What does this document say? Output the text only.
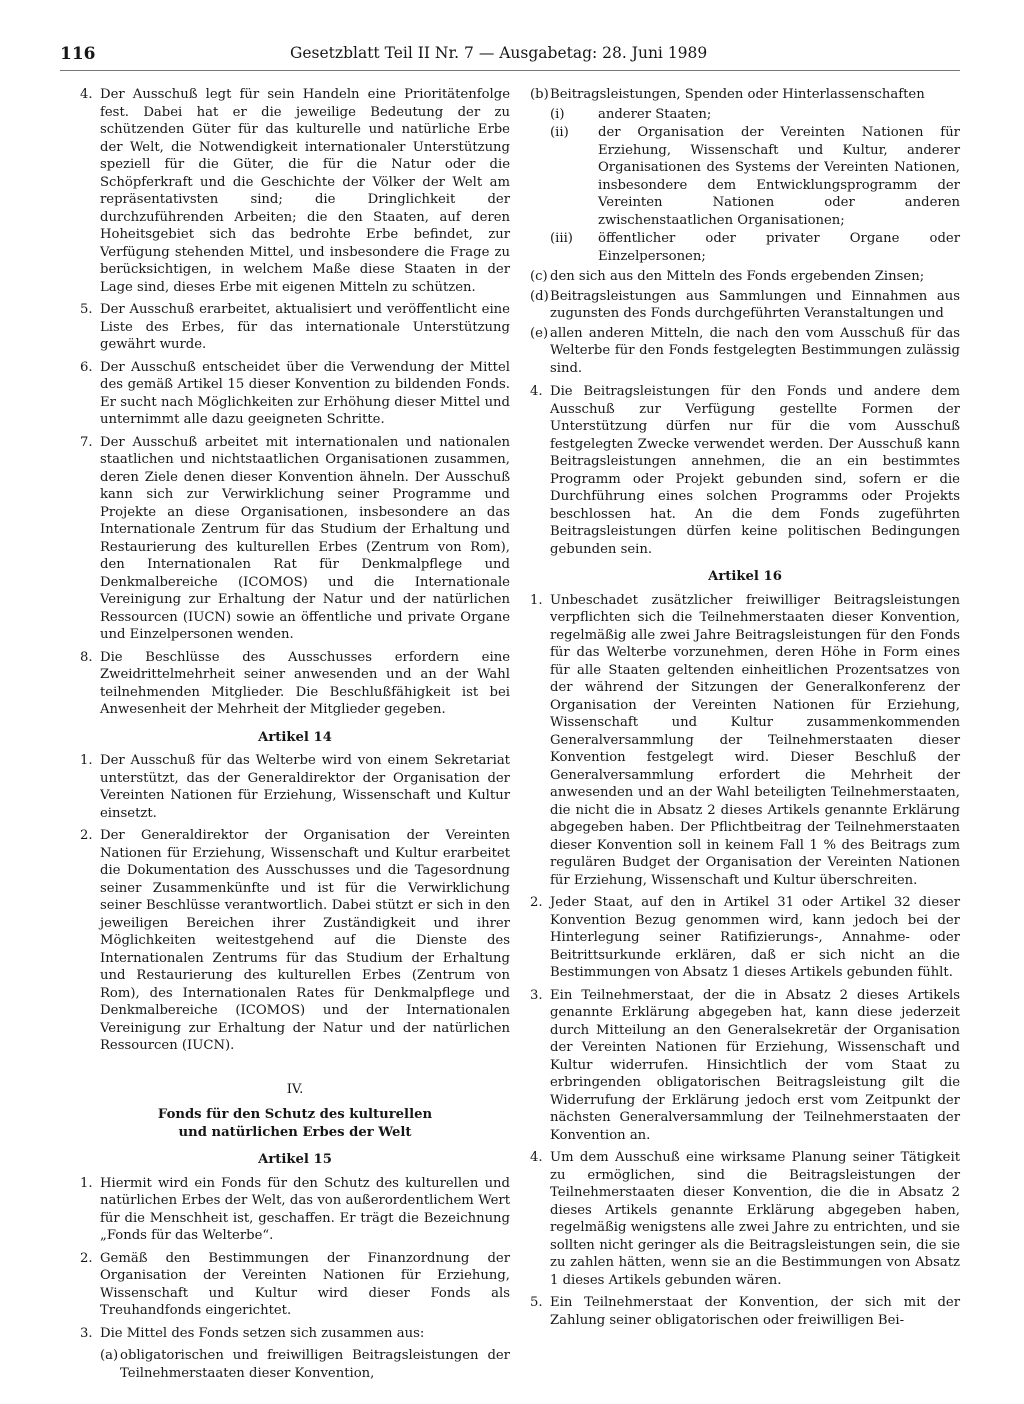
116	Gesetzblatt Teil II Nr. 7 — Ausgabetag: 28. Juni 1989
4. Der Ausschuß legt für sein Handeln eine Prioritätenfolge fest. Dabei hat er die jeweilige Bedeutung der zu schützenden Güter für das kulturelle und natürliche Erbe der Welt, die Notwendigkeit internationaler Unterstützung speziell für die Güter, die für die Natur oder die Schöpferkraft und die Geschichte der Völker der Welt am repräsentativsten sind; die Dringlichkeit der durchzuführenden Arbeiten; die den Staaten, auf deren Hoheitsgebiet sich das bedrohte Erbe befindet, zur Verfügung stehenden Mittel, und insbesondere die Frage zu berücksichtigen, in welchem Maße diese Staaten in der Lage sind, dieses Erbe mit eigenen Mitteln zu schützen.

5. Der Ausschuß erarbeitet, aktualisiert und veröffentlicht eine Liste des Erbes, für das internationale Unterstützung gewährt wurde.

6. Der Ausschuß entscheidet über die Verwendung der Mittel des gemäß Artikel 15 dieser Konvention zu bildenden Fonds. Er sucht nach Möglichkeiten zur Erhöhung dieser Mittel und unternimmt alle dazu geeigneten Schritte.

7. Der Ausschuß arbeitet mit internationalen und nationalen staatlichen und nichtstaatlichen Organisationen zusammen, deren Ziele denen dieser Konvention ähneln. Der Ausschuß kann sich zur Verwirklichung seiner Programme und Projekte an diese Organisationen, insbesondere an das Internationale Zentrum für das Studium der Erhaltung und Restaurierung des kulturellen Erbes (Zentrum von Rom), den Internationalen Rat für Denkmalpflege und Denkmalbereiche (ICOMOS) und die Internationale Vereinigung zur Erhaltung der Natur und der natürlichen Ressourcen (IUCN) sowie an öffentliche und private Organe und Einzelpersonen wenden.

8. Die Beschlüsse des Ausschusses erfordern eine Zweidrittelmehrheit seiner anwesenden und an der Wahl teilnehmenden Mitglieder. Die Beschlußfähigkeit ist bei Anwesenheit der Mehrheit der Mitglieder gegeben.

Artikel 14
1. Der Ausschuß für das Welterbe wird von einem Sekretariat unterstützt, das der Generaldirektor der Organisation der Vereinten Nationen für Erziehung, Wissenschaft und Kultur einsetzt.

2. Der Generaldirektor der Organisation der Vereinten Nationen für Erziehung, Wissenschaft und Kultur erarbeitet die Dokumentation des Ausschusses und die Tagesordnung seiner Zusammenkünfte und ist für die Verwirklichung seiner Beschlüsse verantwortlich. Dabei stützt er sich in den jeweiligen Bereichen ihrer Zuständigkeit und ihrer Möglichkeiten weitestgehend auf die Dienste des Internationalen Zentrums für das Studium der Erhaltung und Restaurierung des kulturellen Erbes (Zentrum von Rom), des Internationalen Rates für Denkmalpflege und Denkmalbereiche (ICOMOS) und der Internationalen Vereinigung zur Erhaltung der Natur und der natürlichen Ressourcen (IUCN).

IV.
Fonds für den Schutz des kulturellen
und natürlichen Erbes der Welt
Artikel 15
1. Hiermit wird ein Fonds für den Schutz des kulturellen und natürlichen Erbes der Welt, das von außerordentlichem Wert für die Menschheit ist, geschaffen. Er trägt die Bezeichnung „Fonds für das Welterbe“.

2. Gemäß den Bestimmungen der Finanzordnung der Organisation der Vereinten Nationen für Erziehung, Wissenschaft und Kultur wird dieser Fonds als Treuhandfonds eingerichtet.

3. Die Mittel des Fonds setzen sich zusammen aus:

(a) obligatorischen und freiwilligen Beitragsleistungen der Teilnehmerstaaten dieser Konvention,

(b) Beitragsleistungen, Spenden oder Hinterlassenschaften

(i)	anderer Staaten;

(ii) der Organisation der Vereinten Nationen für Erziehung, Wissenschaft und Kultur, anderer Organisationen des Systems der Vereinten Nationen, insbesondere dem Entwicklungsprogramm der Vereinten Nationen oder anderen zwischenstaatlichen Organisationen;

(iii) öffentlicher oder privater Organe oder Einzelpersonen;

(c) den sich aus den Mitteln des Fonds ergebenden Zinsen;

(d) Beitragsleistungen aus Sammlungen und Einnahmen aus zugunsten des Fonds durchgeführten Veranstaltungen und

(e) allen anderen Mitteln, die nach den vom Ausschuß für das Welterbe für den Fonds festgelegten Bestimmungen zulässig sind.

4. Die Beitragsleistungen für den Fonds und andere dem Ausschuß zur Verfügung gestellte Formen der Unterstützung dürfen nur für die vom Ausschuß festgelegten Zwecke verwendet werden. Der Ausschuß kann Beitragsleistungen annehmen, die an ein bestimmtes Programm oder Projekt gebunden sind, sofern er die Durchführung eines solchen Programms oder Projekts beschlossen hat. An die dem Fonds zugeführten Beitragsleistungen dürfen keine politischen Bedingungen gebunden sein.

Artikel 16
1. Unbeschadet zusätzlicher freiwilliger Beitragsleistungen verpflichten sich die Teilnehmerstaaten dieser Konvention, regelmäßig alle zwei Jahre Beitragsleistungen für den Fonds für das Welterbe vorzunehmen, deren Höhe in Form eines für alle Staaten geltenden einheitlichen Prozentsatzes von der während der Sitzungen der Generalkonferenz der Organisation der Vereinten Nationen für Erziehung, Wissenschaft und Kultur zusammenkommenden Generalversammlung der Teilnehmerstaaten dieser Konvention festgelegt wird. Dieser Beschluß der Generalversammlung erfordert die Mehrheit der anwesenden und an der Wahl beteiligten Teilnehmerstaaten, die nicht die in Absatz 2 dieses Artikels genannte Erklärung abgegeben haben. Der Pflichtbeitrag der Teilnehmerstaaten dieser Konvention soll in keinem Fall 1 % des Beitrags zum regulären Budget der Organisation der Vereinten Nationen für Erziehung, Wissenschaft und Kultur überschreiten.

2. Jeder Staat, auf den in Artikel 31 oder Artikel 32 dieser Konvention Bezug genommen wird, kann jedoch bei der Hinterlegung seiner Ratifizierungs-, Annahme- oder Beitrittsurkunde erklären, daß er sich nicht an die Bestimmungen von Absatz 1 dieses Artikels gebunden fühlt.

3. Ein Teilnehmerstaat, der die in Absatz 2 dieses Artikels genannte Erklärung abgegeben hat, kann diese jederzeit durch Mitteilung an den Generalsekretär der Organisation der Vereinten Nationen für Erziehung, Wissenschaft und Kultur widerrufen. Hinsichtlich der vom Staat zu erbringenden obligatorischen Beitragsleistung gilt die Widerrufung der Erklärung jedoch erst vom Zeitpunkt der nächsten Generalversammlung der Teilnehmerstaaten der Konvention an.

4. Um dem Ausschuß eine wirksame Planung seiner Tätigkeit zu ermöglichen, sind die Beitragsleistungen der Teilnehmerstaaten dieser Konvention, die die in Absatz 2 dieses Artikels genannte Erklärung abgegeben haben, regelmäßig wenigstens alle zwei Jahre zu entrichten, und sie sollten nicht geringer als die Beitragsleistungen sein, die sie zu zahlen hätten, wenn sie an die Bestimmungen von Absatz 1 dieses Artikels gebunden wären.

5. Ein Teilnehmerstaat der Konvention, der sich mit der Zahlung seiner obligatorischen oder freiwilligen Bei-
